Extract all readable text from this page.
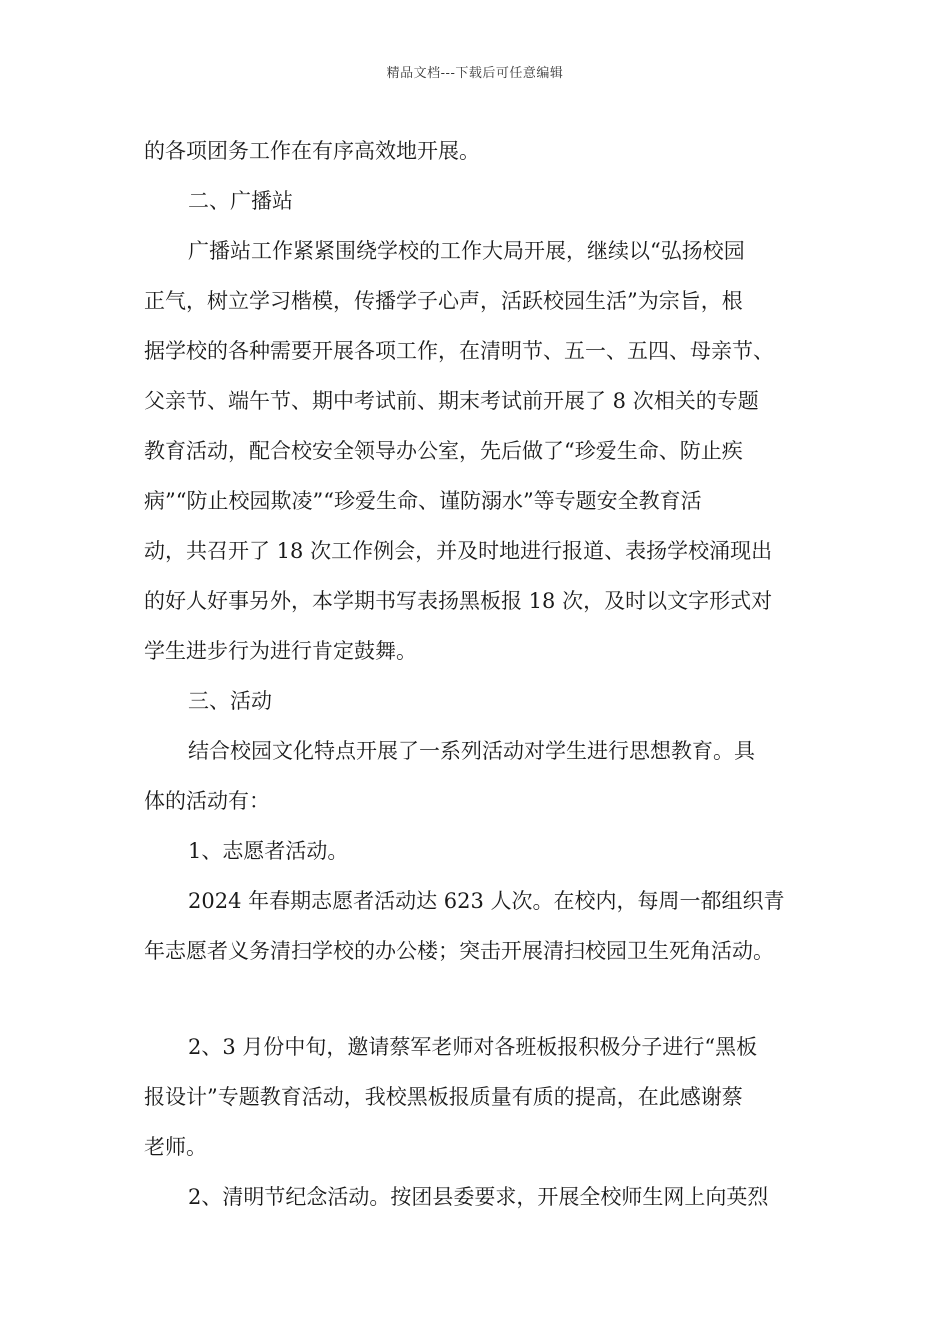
精品文档---下载后可任意编辑
的各项团务工作在有序高效地开展。
二、广播站
广播站工作紧紧围绕学校的工作大局开展，继续以“弘扬校园
正气，树立学习楷模，传播学子心声，活跃校园生活”为宗旨，根
据学校的各种需要开展各项工作，在清明节、五一、五四、母亲节、
父亲节、端午节、期中考试前、期末考试前开展了 8 次相关的专题
教育活动，配合校安全领导办公室，先后做了“珍爱生命、防止疾
病”“防止校园欺凌”“珍爱生命、谨防溺水”等专题安全教育活
动，共召开了 18 次工作例会，并及时地进行报道、表扬学校涌现出
的好人好事另外，本学期书写表扬黑板报 18 次，及时以文字形式对
学生进步行为进行肯定鼓舞。
三、活动
结合校园文化特点开展了一系列活动对学生进行思想教育。具
体的活动有：
1、志愿者活动。
2024 年春期志愿者活动达 623 人次。在校内，每周一都组织青
年志愿者义务清扫学校的办公楼；突击开展清扫校园卫生死角活动。
2、3 月份中旬，邀请蔡军老师对各班板报积极分子进行“黑板
报设计”专题教育活动，我校黑板报质量有质的提高，在此感谢蔡
老师。
2、清明节纪念活动。按团县委要求，开展全校师生网上向英烈
